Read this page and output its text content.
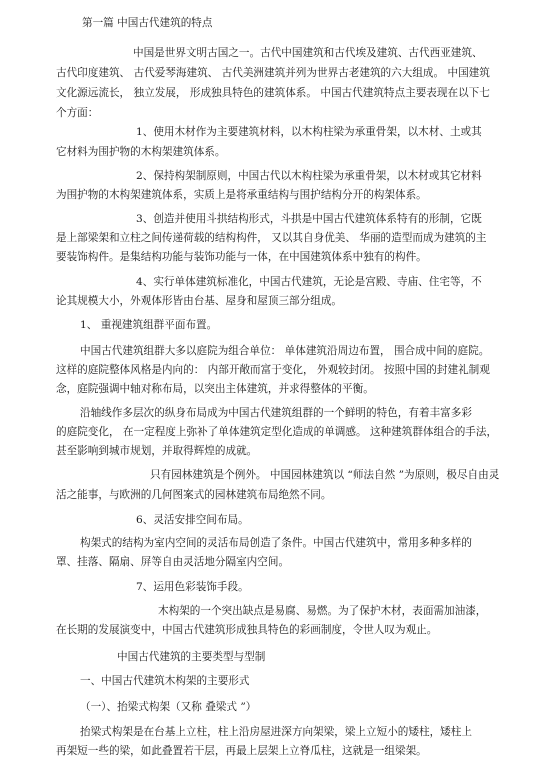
第一篇 中国古代建筑的特点
中国是世界文明古国之一。古代中国建筑和古代埃及建筑、古代西亚建筑、
古代印度建筑、 古代爱琴海建筑、 古代美洲建筑并列为世界古老建筑的六大组成。 中国建筑
文化源远流长， 独立发展， 形成独具特色的建筑体系。 中国古代建筑特点主要表现在以下七
个方面：
1、使用木材作为主要建筑材料，以木构柱梁为承重骨架，以木材、土或其
它材料为围护物的木构架建筑体系。
2、保持构架制原则，中国古代以木构柱梁为承重骨架，以木材或其它材料
为围护物的木构架建筑体系，实质上是将承重结构与围护结构分开的构架体系。
3、创造并使用斗拱结构形式，斗拱是中国古代建筑体系特有的形制，它既
是上部梁架和立柱之间传递荷载的结构构件， 又以其自身优美、 华丽的造型而成为建筑的主
要装饰构件。是集结构功能与装饰功能与一体，在中国建筑体系中独有的构件。
4、实行单体建筑标准化，中国古代建筑，无论是宫殿、寺庙、住宅等，不
论其规模大小，外观体形皆由台基、屋身和屋顶三部分组成。
1、 重视建筑组群平面布置。
中国古代建筑组群大多以庭院为组合单位： 单体建筑沿周边布置， 围合成中间的庭院。
这样的庭院整体风格是内向的： 内部开敞而富于变化， 外观较封闭。 按照中国的封建礼制观
念，庭院强调中轴对称布局，以突出主体建筑，并求得整体的平衡。
沿轴线作多层次的纵身布局成为中国古代建筑组群的一个鲜明的特色，有着丰富多彩
的庭院变化， 在一定程度上弥补了单体建筑定型化造成的单调感。 这种建筑群体组合的手法，
甚至影响到城市规划，并取得辉煌的成就。
只有园林建筑是个例外。 中国园林建筑以 “师法自然 ”为原则，极尽自由灵
活之能事，与欧洲的几何图案式的园林建筑布局绝然不同。
6、灵活安排空间布局。
构架式的结构为室内空间的灵活布局创造了条件。中国古代建筑中，常用多种多样的
罩、挂落、隔扇、屏等自由灵活地分隔室内空间。
7、运用色彩装饰手段。
木构架的一个突出缺点是易腐、易燃。为了保护木材，表面需加油漆，
在长期的发展演变中，中国古代建筑形成独具特色的彩画制度，令世人叹为观止。
中国古代建筑的主要类型与型制
一、中国古代建筑木构架的主要形式
（一）、抬梁式构架（又称 叠梁式 ”）
抬梁式构架是在台基上立柱，柱上沿房屋进深方向架梁，梁上立短小的矮柱，矮柱上
再架短一些的梁，如此叠置若干层，再最上层架上立脊瓜柱，这就是一组梁架。
